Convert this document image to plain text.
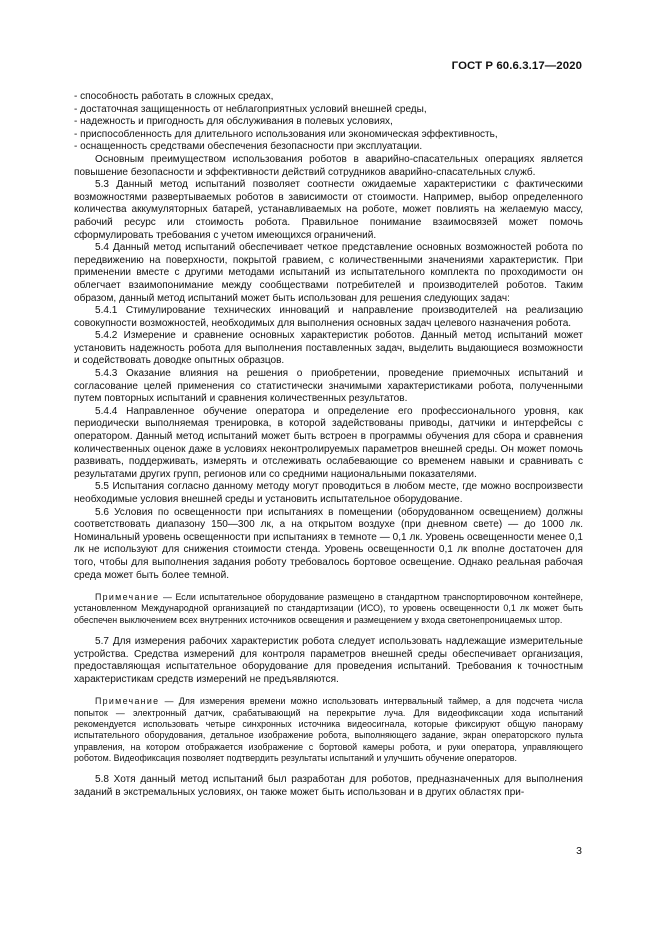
ГОСТ Р 60.6.3.17—2020

- способность работать в сложных средах,

- достаточная защищенность от неблагоприятных условий внешней среды,

- надежность и пригодность для обслуживания в полевых условиях,

- приспособленность для длительного использования или экономическая эффективность,

- оснащенность средствами обеспечения безопасности при эксплуатации.

Основным преимуществом использования роботов в аварийно-спасательных операциях является повышение безопасности и эффективности действий сотрудников аварийно-спасательных служб.

5.3 Данный метод испытаний позволяет соотнести ожидаемые характеристики с фактическими возможностями развертываемых роботов в зависимости от стоимости. Например, выбор определенного количества аккумуляторных батарей, устанавливаемых на роботе, может повлиять на желаемую массу, рабочий ресурс или стоимость робота. Правильное понимание взаимосвязей может помочь сформулировать требования с учетом имеющихся ограничений.

5.4 Данный метод испытаний обеспечивает четкое представление основных возможностей робота по передвижению на поверхности, покрытой гравием, с количественными значениями характеристик. При применении вместе с другими методами испытаний из испытательного комплекта по проходимости он облегчает взаимопонимание между сообществами потребителей и производителей роботов. Таким образом, данный метод испытаний может быть использован для решения следующих задач:

5.4.1 Стимулирование технических инноваций и направление производителей на реализацию совокупности возможностей, необходимых для выполнения основных задач целевого назначения робота.

5.4.2 Измерение и сравнение основных характеристик роботов. Данный метод испытаний может установить надежность робота для выполнения поставленных задач, выделить выдающиеся возможности и содействовать доводке опытных образцов.

5.4.3 Оказание влияния на решения о приобретении, проведение приемочных испытаний и согласование целей применения со статистически значимыми характеристиками робота, полученными путем повторных испытаний и сравнения количественных результатов.

5.4.4 Направленное обучение оператора и определение его профессионального уровня, как периодически выполняемая тренировка, в которой задействованы приводы, датчики и интерфейсы с оператором. Данный метод испытаний может быть встроен в программы обучения для сбора и сравнения количественных оценок даже в условиях неконтролируемых параметров внешней среды. Он может помочь развивать, поддерживать, измерять и отслеживать ослабевающие со временем навыки и сравнивать с результатами других групп, регионов или со средними национальными показателями.

5.5 Испытания согласно данному методу могут проводиться в любом месте, где можно воспроизвести необходимые условия внешней среды и установить испытательное оборудование.

5.6 Условия по освещенности при испытаниях в помещении (оборудованном освещением) должны соответствовать диапазону 150—300 лк, а на открытом воздухе (при дневном свете) — до 1000 лк. Номинальный уровень освещенности при испытаниях в темноте — 0,1 лк. Уровень освещенности менее 0,1 лк не используют для снижения стоимости стенда. Уровень освещенности 0,1 лк вполне достаточен для того, чтобы для выполнения задания роботу требовалось бортовое освещение. Однако реальная рабочая среда может быть более темной.

Примечание — Если испытательное оборудование размещено в стандартном транспортировочном контейнере, установленном Международной организацией по стандартизации (ИСО), то уровень освещенности 0,1 лк может быть обеспечен выключением всех внутренних источников освещения и размещением у входа светонепроницаемых штор.

5.7 Для измерения рабочих характеристик робота следует использовать надлежащие измерительные устройства. Средства измерений для контроля параметров внешней среды обеспечивает организация, предоставляющая испытательное оборудование для проведения испытаний. Требования к точностным характеристикам средств измерений не предъявляются.

Примечание — Для измерения времени можно использовать интервальный таймер, а для подсчета числа попыток — электронный датчик, срабатывающий на перекрытие луча. Для видеофиксации хода испытаний рекомендуется использовать четыре синхронных источника видеосигнала, которые фиксируют общую панораму испытательного оборудования, детальное изображение робота, выполняющего задание, экран операторского пульта управления, на котором отображается изображение с бортовой камеры робота, и руки оператора, управляющего роботом. Видеофиксация позволяет подтвердить результаты испытаний и улучшить обучение операторов.

5.8 Хотя данный метод испытаний был разработан для роботов, предназначенных для выполнения заданий в экстремальных условиях, он также может быть использован и в других областях при-

3
